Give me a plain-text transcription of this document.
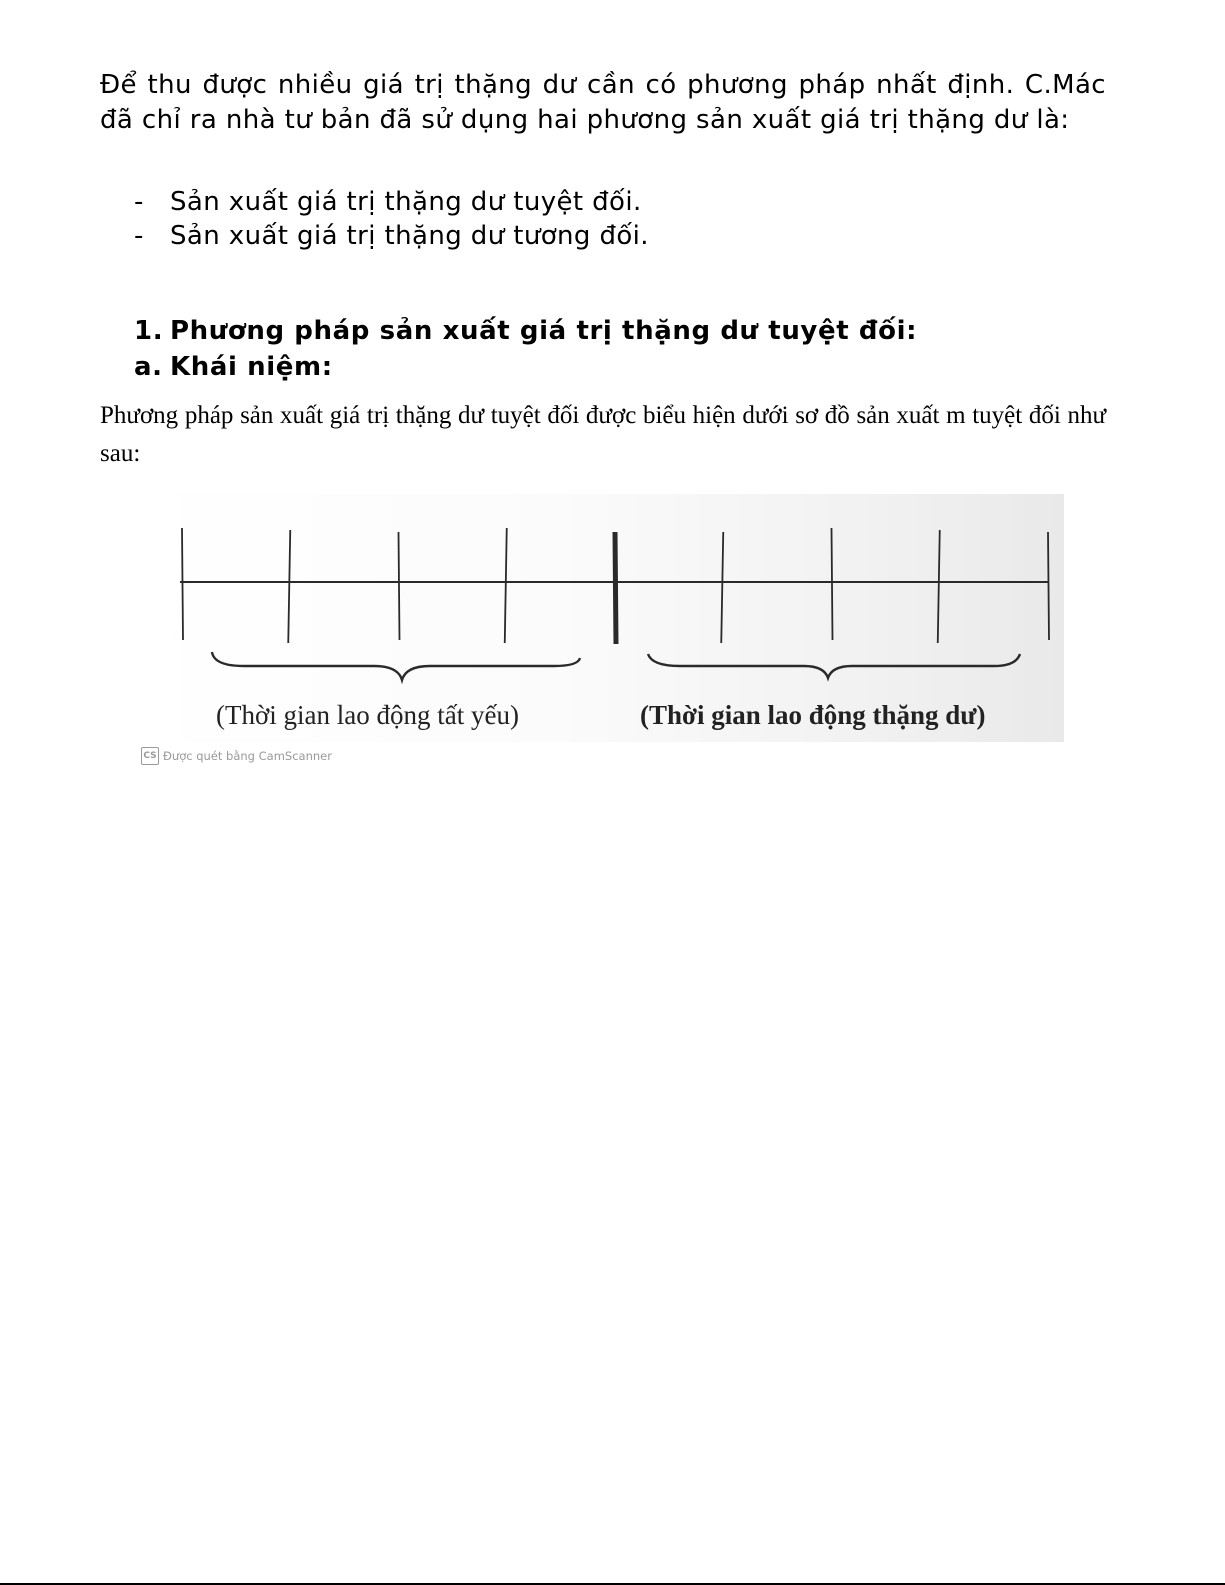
Để thu được nhiều giá trị thặng dư cần có phương pháp nhất định. C.Mác đã chỉ ra nhà tư bản đã sử dụng hai phương sản xuất giá trị thặng dư là:

- Sản xuất giá trị thặng dư tuyệt đối.
- Sản xuất giá trị thặng dư tương đối.
1. Phương pháp sản xuất giá trị thặng dư tuyệt đối:
a. Khái niệm:

Phương pháp sản xuất giá trị thặng dư tuyệt đối được biểu hiện dưới sơ đồ sản xuất m tuyệt đối như sau:

(Thời gian lao động tất yếu)	(Thời gian lao động thặng dư)
CS Được quét bằng CamScanner
